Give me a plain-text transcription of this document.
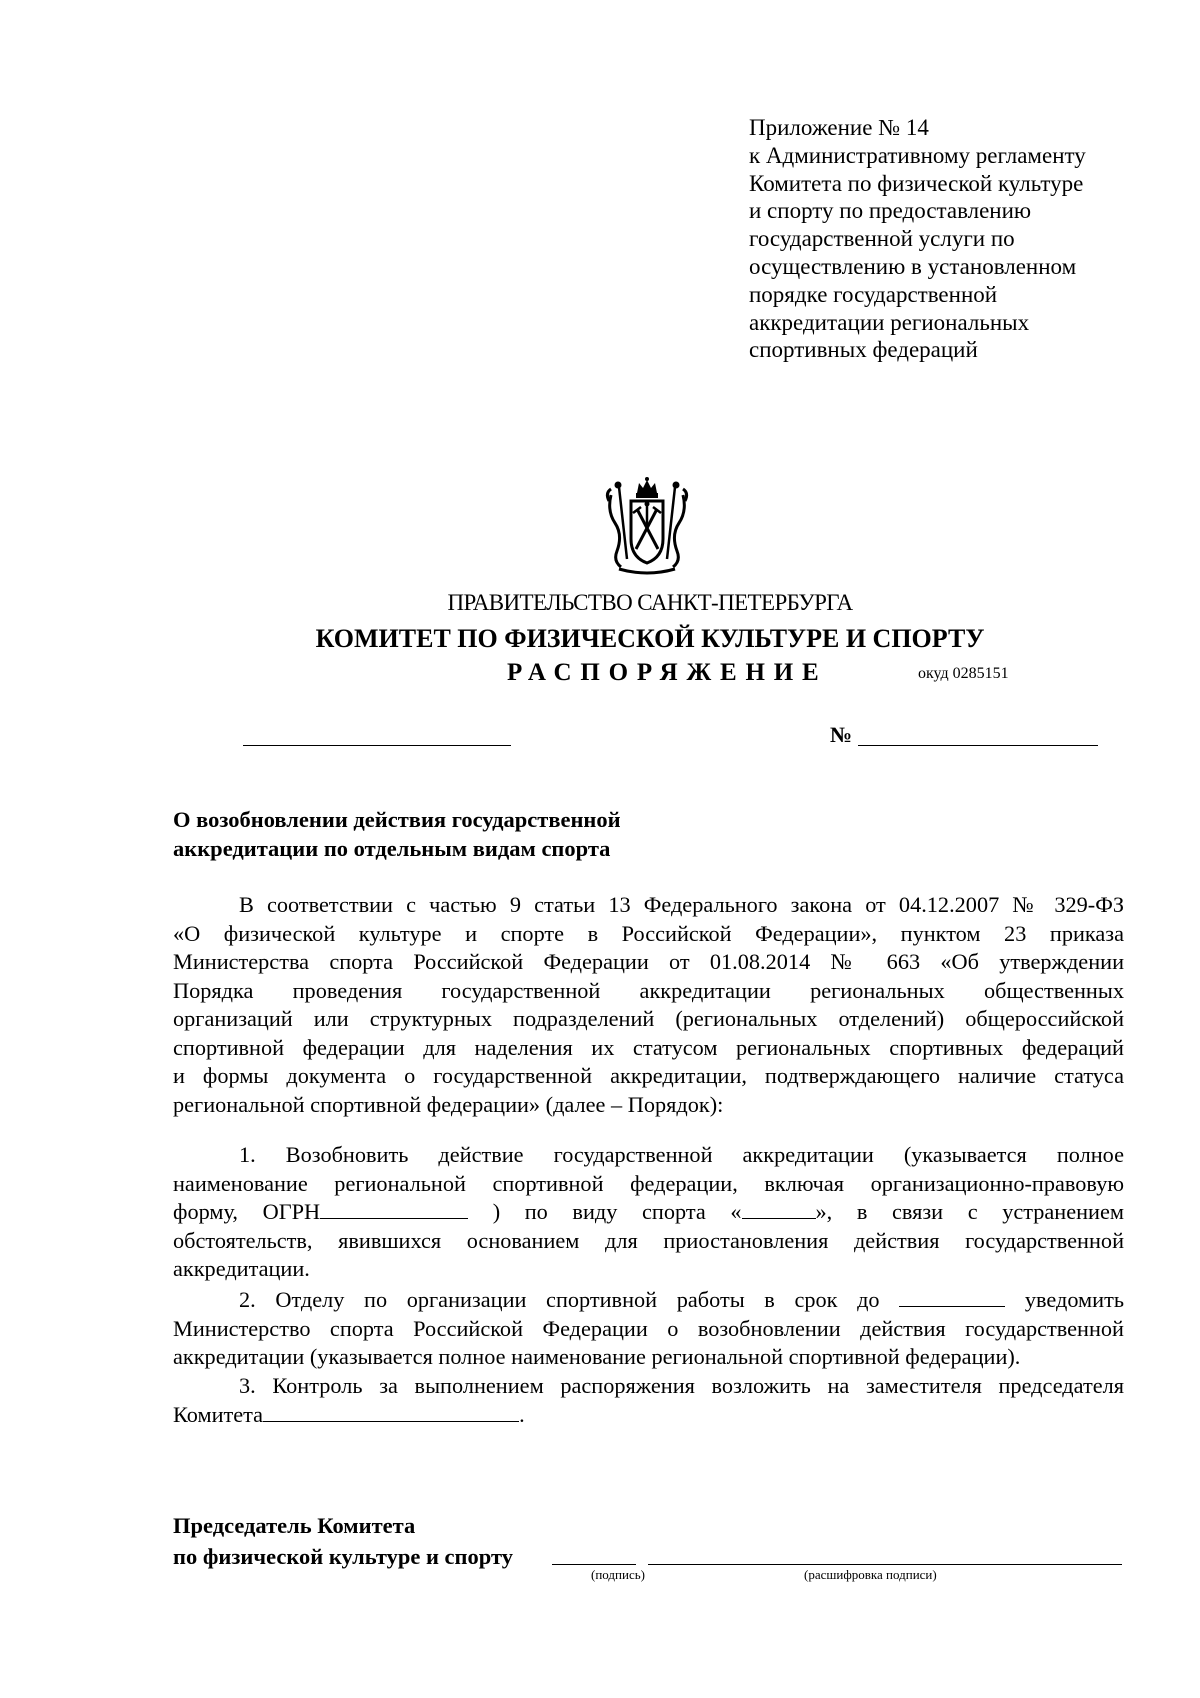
Приложение № 14
к Административному регламенту
Комитета по физической культуре
и спорту по предоставлению
государственной услуги по
осуществлению в установленном
порядке государственной
аккредитации региональных
спортивных федераций
ПРАВИТЕЛЬСТВО САНКТ-ПЕТЕРБУРГА
КОМИТЕТ ПО ФИЗИЧЕСКОЙ КУЛЬТУРЕ И СПОРТУ
РАСПОРЯЖЕНИЕ	окуд 0285151
№
О возобновлении действия государственной
аккредитации по отдельным видам спорта
В соответствии с частью 9 статьи 13 Федерального закона от 04.12.2007 № 329-ФЗ
«О физической культуре и спорте в Российской Федерации», пунктом 23 приказа
Министерства спорта Российской Федерации от 01.08.2014 № 663 «Об утверждении
Порядка проведения государственной аккредитации региональных общественных
организаций или структурных подразделений (региональных отделений) общероссийской
спортивной федерации для наделения их статусом региональных спортивных федераций
и формы документа о государственной аккредитации, подтверждающего наличие статуса
региональной спортивной федерации» (далее – Порядок):
1. Возобновить действие государственной аккредитации (указывается полное
наименование региональной спортивной федерации, включая организационно-правовую
форму, ОГРН	) по виду спорта «	», в связи с устранением
обстоятельств, явившихся основанием для приостановления действия государственной
аккредитации.
2. Отделу по организации спортивной работы в срок до	уведомить
Министерство спорта Российской Федерации о возобновлении действия государственной
аккредитации (указывается полное наименование региональной спортивной федерации).
3. Контроль за выполнением распоряжения возложить на заместителя председателя
Комитета	.
Председатель Комитета
по физической культуре и спорту
(подпись)	(расшифровка подписи)
